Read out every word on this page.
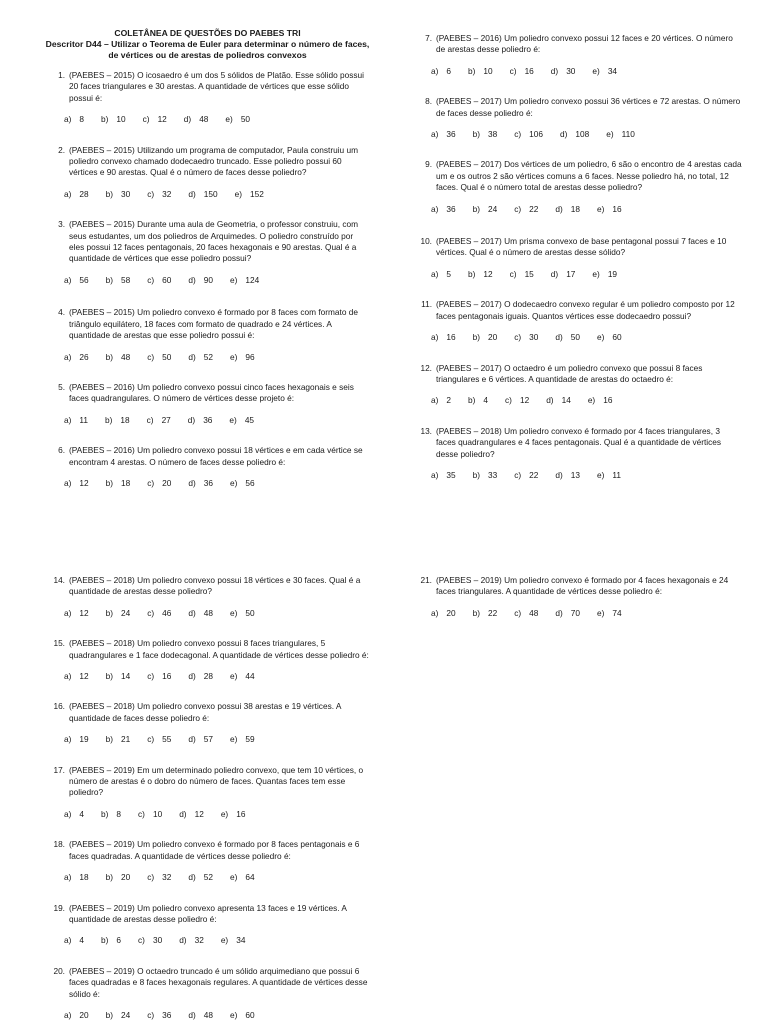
COLETÂNEA DE QUESTÕES DO PAEBES TRI
Descritor D44 – Utilizar o Teorema de Euler para determinar o número de faces,
de vértices ou de arestas de poliedros convexos
1. (PAEBES – 2015) O icosaedro é um dos 5 sólidos de Platão. Esse sólido possui 20 faces triangulares e 30 arestas. A quantidade de vértices que esse sólido possui é:
a) 8 b) 10 c) 12 d) 48 e) 50
2. (PAEBES – 2015) Utilizando um programa de computador, Paula construiu um poliedro convexo chamado dodecaedro truncado. Esse poliedro possui 60 vértices e 90 arestas. Qual é o número de faces desse poliedro?
a) 28 b) 30 c) 32 d) 150 e) 152
3. (PAEBES – 2015) Durante uma aula de Geometria, o professor construiu, com seus estudantes, um dos poliedros de Arquimedes. O poliedro construído por eles possui 12 faces pentagonais, 20 faces hexagonais e 90 arestas. Qual é a quantidade de vértices que esse poliedro possui?
a) 56 b) 58 c) 60 d) 90 e) 124
4. (PAEBES – 2015) Um poliedro convexo é formado por 8 faces com formato de triângulo equilátero, 18 faces com formato de quadrado e 24 vértices. A quantidade de arestas que esse poliedro possui é:
a) 26 b) 48 c) 50 d) 52 e) 96
5. (PAEBES – 2016) Um poliedro convexo possui cinco faces hexagonais e seis faces quadrangulares. O número de vértices desse projeto é:
a) 11 b) 18 c) 27 d) 36 e) 45
6. (PAEBES – 2016) Um poliedro convexo possui 18 vértices e em cada vértice se encontram 4 arestas. O número de faces desse poliedro é:
a) 12 b) 18 c) 20 d) 36 e) 56
7. (PAEBES – 2016) Um poliedro convexo possui 12 faces e 20 vértices. O número de arestas desse poliedro é:
a) 6 b) 10 c) 16 d) 30 e) 34
8. (PAEBES – 2017) Um poliedro convexo possui 36 vértices e 72 arestas. O número de faces desse poliedro é:
a) 36 b) 38 c) 106 d) 108 e) 110
9. (PAEBES – 2017) Dos vértices de um poliedro, 6 são o encontro de 4 arestas cada um e os outros 2 são vértices comuns a 6 faces. Nesse poliedro há, no total, 12 faces. Qual é o número total de arestas desse poliedro?
a) 36 b) 24 c) 22 d) 18 e) 16
10. (PAEBES – 2017) Um prisma convexo de base pentagonal possui 7 faces e 10 vértices. Qual é o número de arestas desse sólido?
a) 5 b) 12 c) 15 d) 17 e) 19
11. (PAEBES – 2017) O dodecaedro convexo regular é um poliedro composto por 12 faces pentagonais iguais. Quantos vértices esse dodecaedro possui?
a) 16 b) 20 c) 30 d) 50 e) 60
12. (PAEBES – 2017) O octaedro é um poliedro convexo que possui 8 faces triangulares e 6 vértices. A quantidade de arestas do octaedro é:
a) 2 b) 4 c) 12 d) 14 e) 16
13. (PAEBES – 2018) Um poliedro convexo é formado por 4 faces triangulares, 3 faces quadrangulares e 4 faces pentagonais. Qual é a quantidade de vértices desse poliedro?
a) 35 b) 33 c) 22 d) 13 e) 11
14. (PAEBES – 2018) Um poliedro convexo possui 18 vértices e 30 faces. Qual é a quantidade de arestas desse poliedro?
a) 12 b) 24 c) 46 d) 48 e) 50
15. (PAEBES – 2018) Um poliedro convexo possui 8 faces triangulares, 5 quadrangulares e 1 face dodecagonal. A quantidade de vértices desse poliedro é:
a) 12 b) 14 c) 16 d) 28 e) 44
16. (PAEBES – 2018) Um poliedro convexo possui 38 arestas e 19 vértices. A quantidade de faces desse poliedro é:
a) 19 b) 21 c) 55 d) 57 e) 59
17. (PAEBES – 2019) Em um determinado poliedro convexo, que tem 10 vértices, o número de arestas é o dobro do número de faces. Quantas faces tem esse poliedro?
a) 4 b) 8 c) 10 d) 12 e) 16
18. (PAEBES – 2019) Um poliedro convexo é formado por 8 faces pentagonais e 6 faces quadradas. A quantidade de vértices desse poliedro é:
a) 18 b) 20 c) 32 d) 52 e) 64
19. (PAEBES – 2019) Um poliedro convexo apresenta 13 faces e 19 vértices. A quantidade de arestas desse poliedro é:
a) 4 b) 6 c) 30 d) 32 e) 34
20. (PAEBES – 2019) O octaedro truncado é um sólido arquimediano que possui 6 faces quadradas e 8 faces hexagonais regulares. A quantidade de vértices desse sólido é:
a) 20 b) 24 c) 36 d) 48 e) 60
21. (PAEBES – 2019) Um poliedro convexo é formado por 4 faces hexagonais e 24 faces triangulares. A quantidade de vértices desse poliedro é:
a) 20 b) 22 c) 48 d) 70 e) 74
